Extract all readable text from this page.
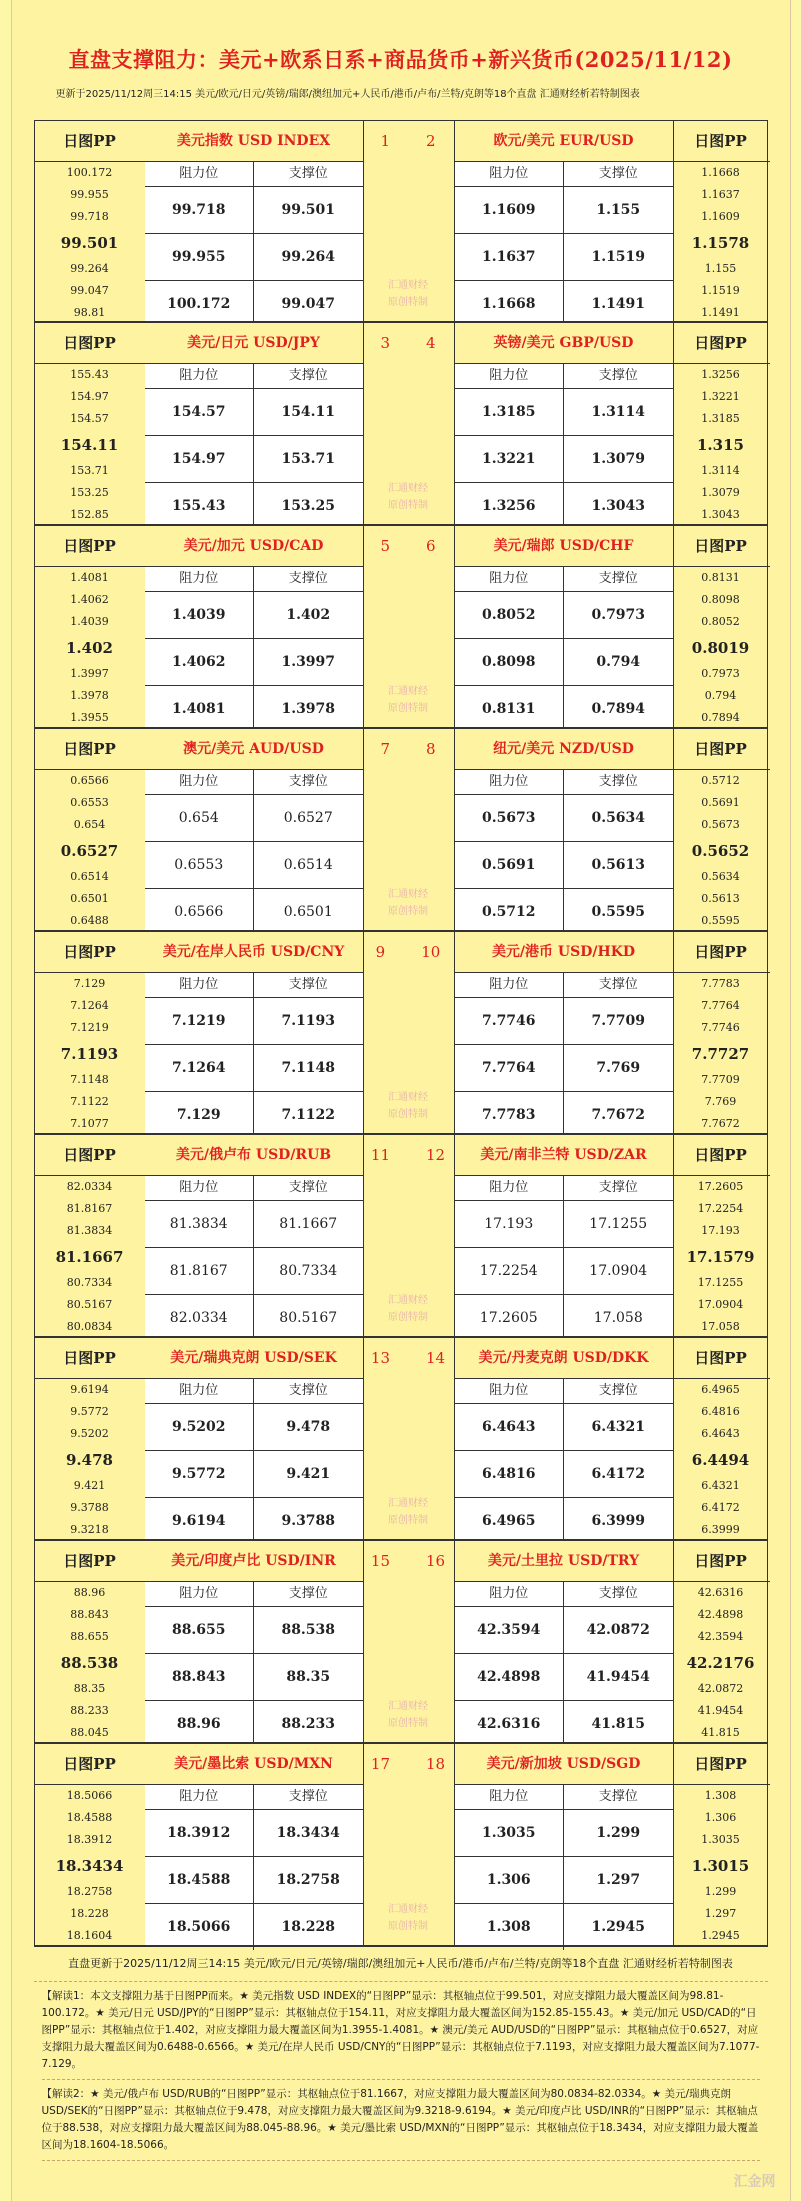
直盘支撑阻力：美元+欧系日系+商品货币+新兴货币(2025/11/12)
更新于2025/11/12周三14:15 美元/欧元/日元/英镑/瑞郎/澳纽加元+人民币/港币/卢布/兰特/克朗等18个直盘 汇通财经析若特制图表
日图PP
100.172
99.955
99.718
99.501
99.264
99.047
98.81
美元指数 USD INDEX
阻力位	支撑位
99.718	99.501
99.955	99.264
100.172	99.047
日图PP
1.1668
1.1637
1.1609
1.1578
1.155
1.1519
1.1491
欧元/美元 EUR/USD
阻力位	支撑位
1.1609	1.155
1.1637	1.1519
1.1668	1.1491
1 2
汇通财经
原创特制
日图PP
155.43
154.97
154.57
154.11
153.71
153.25
152.85
美元/日元 USD/JPY
阻力位	支撑位
154.57	154.11
154.97	153.71
155.43	153.25
日图PP
1.3256
1.3221
1.3185
1.315
1.3114
1.3079
1.3043
英镑/美元 GBP/USD
阻力位	支撑位
1.3185	1.3114
1.3221	1.3079
1.3256	1.3043
3 4
汇通财经
原创特制
日图PP
1.4081
1.4062
1.4039
1.402
1.3997
1.3978
1.3955
美元/加元 USD/CAD
阻力位	支撑位
1.4039	1.402
1.4062	1.3997
1.4081	1.3978
日图PP
0.8131
0.8098
0.8052
0.8019
0.7973
0.794
0.7894
美元/瑞郎 USD/CHF
阻力位	支撑位
0.8052	0.7973
0.8098	0.794
0.8131	0.7894
5 6
汇通财经
原创特制
日图PP
0.6566
0.6553
0.654
0.6527
0.6514
0.6501
0.6488
澳元/美元 AUD/USD
阻力位	支撑位
0.654	0.6527
0.6553	0.6514
0.6566	0.6501
日图PP
0.5712
0.5691
0.5673
0.5652
0.5634
0.5613
0.5595
纽元/美元 NZD/USD
阻力位	支撑位
0.5673	0.5634
0.5691	0.5613
0.5712	0.5595
7 8
汇通财经
原创特制
日图PP
7.129
7.1264
7.1219
7.1193
7.1148
7.1122
7.1077
美元/在岸人民币 USD/CNY
阻力位	支撑位
7.1219	7.1193
7.1264	7.1148
7.129	7.1122
日图PP
7.7783
7.7764
7.7746
7.7727
7.7709
7.769
7.7672
美元/港币 USD/HKD
阻力位	支撑位
7.7746	7.7709
7.7764	7.769
7.7783	7.7672
9 10
汇通财经
原创特制
日图PP
82.0334
81.8167
81.3834
81.1667
80.7334
80.5167
80.0834
美元/俄卢布 USD/RUB
阻力位	支撑位
81.3834	81.1667
81.8167	80.7334
82.0334	80.5167
日图PP
17.2605
17.2254
17.193
17.1579
17.1255
17.0904
17.058
美元/南非兰特 USD/ZAR
阻力位	支撑位
17.193	17.1255
17.2254	17.0904
17.2605	17.058
11 12
汇通财经
原创特制
日图PP
9.6194
9.5772
9.5202
9.478
9.421
9.3788
9.3218
美元/瑞典克朗 USD/SEK
阻力位	支撑位
9.5202	9.478
9.5772	9.421
9.6194	9.3788
日图PP
6.4965
6.4816
6.4643
6.4494
6.4321
6.4172
6.3999
美元/丹麦克朗 USD/DKK
阻力位	支撑位
6.4643	6.4321
6.4816	6.4172
6.4965	6.3999
13 14
汇通财经
原创特制
日图PP
88.96
88.843
88.655
88.538
88.35
88.233
88.045
美元/印度卢比 USD/INR
阻力位	支撑位
88.655	88.538
88.843	88.35
88.96	88.233
日图PP
42.6316
42.4898
42.3594
42.2176
42.0872
41.9454
41.815
美元/土里拉 USD/TRY
阻力位	支撑位
42.3594	42.0872
42.4898	41.9454
42.6316	41.815
15 16
汇通财经
原创特制
日图PP
18.5066
18.4588
18.3912
18.3434
18.2758
18.228
18.1604
美元/墨比索 USD/MXN
阻力位	支撑位
18.3912	18.3434
18.4588	18.2758
18.5066	18.228
日图PP
1.308
1.306
1.3035
1.3015
1.299
1.297
1.2945
美元/新加坡 USD/SGD
阻力位	支撑位
1.3035	1.299
1.306	1.297
1.308	1.2945
17 18
汇通财经
原创特制
直盘更新于2025/11/12周三14:15 美元/欧元/日元/英镑/瑞郎/澳纽加元+人民币/港币/卢布/兰特/克朗等18个直盘 汇通财经析若特制图表
【解读1：本文支撑阻力基于日图PP而来。★ 美元指数 USD INDEX的“日图PP”显示：其枢轴点位于99.501，对应支撑阻力最大覆盖区间为98.81-100.172。★ 美元/日元 USD/JPY的“日图PP”显示：其枢轴点位于154.11，对应支撑阻力最大覆盖区间为152.85-155.43。★ 美元/加元 USD/CAD的“日图PP”显示：其枢轴点位于1.402，对应支撑阻力最大覆盖区间为1.3955-1.4081。★ 澳元/美元 AUD/USD的“日图PP”显示：其枢轴点位于0.6527，对应支撑阻力最大覆盖区间为0.6488-0.6566。★ 美元/在岸人民币 USD/CNY的“日图PP”显示：其枢轴点位于7.1193，对应支撑阻力最大覆盖区间为7.1077-7.129。
【解读2：★ 美元/俄卢布 USD/RUB的“日图PP”显示：其枢轴点位于81.1667，对应支撑阻力最大覆盖区间为80.0834-82.0334。★ 美元/瑞典克朗 USD/SEK的“日图PP”显示：其枢轴点位于9.478，对应支撑阻力最大覆盖区间为9.3218-9.6194。★ 美元/印度卢比 USD/INR的“日图PP”显示：其枢轴点位于88.538，对应支撑阻力最大覆盖区间为88.045-88.96。★ 美元/墨比索 USD/MXN的“日图PP”显示：其枢轴点位于18.3434，对应支撑阻力最大覆盖区间为18.1604-18.5066。
汇金网
